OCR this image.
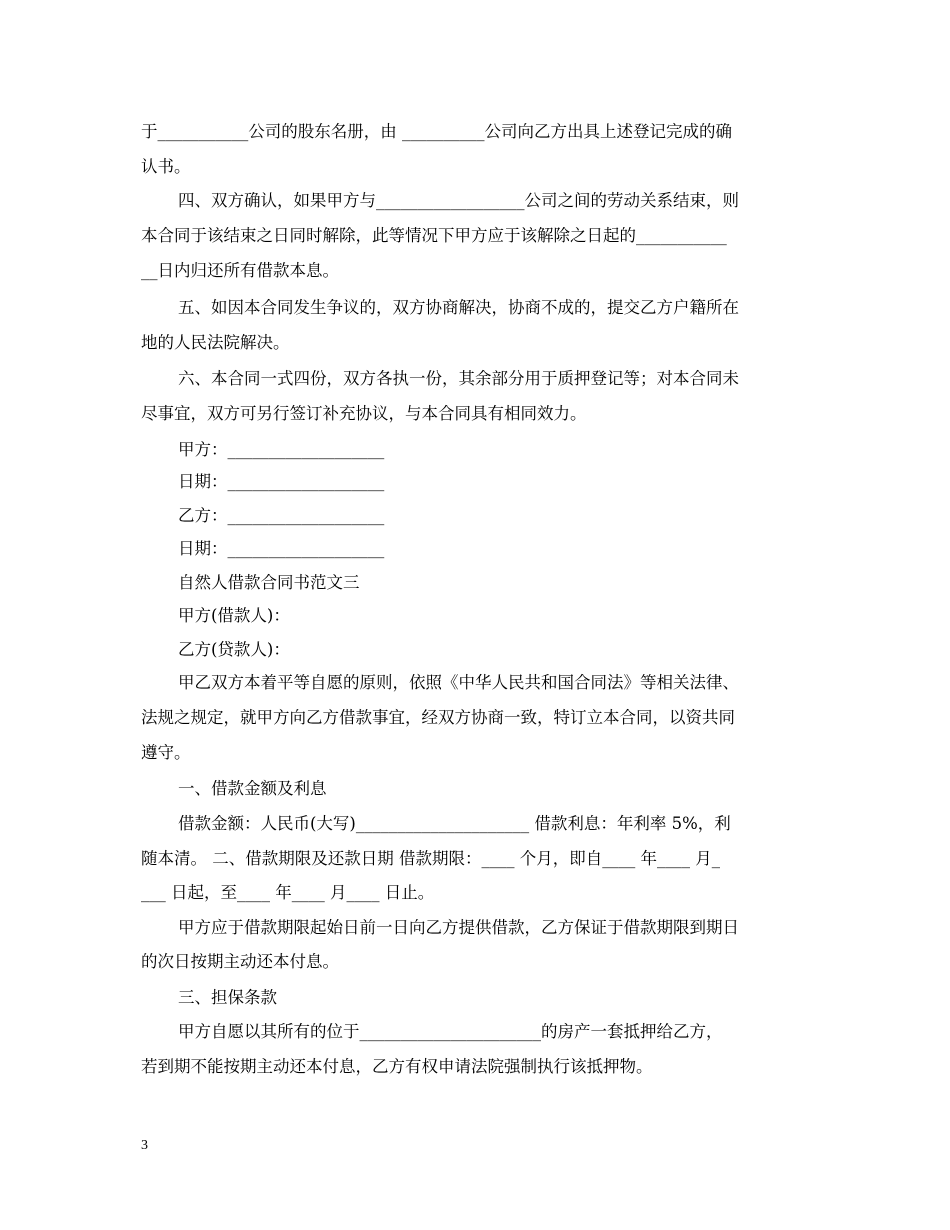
于___________公司的股东名册，由 __________公司向乙方出具上述登记完成的确
认书。
四、双方确认，如果甲方与__________________公司之间的劳动关系结束，则
本合同于该结束之日同时解除，此等情况下甲方应于该解除之日起的___________
__日内归还所有借款本息。
五、如因本合同发生争议的，双方协商解决，协商不成的，提交乙方户籍所在
地的人民法院解决。
六、本合同一式四份，双方各执一份，其余部分用于质押登记等；对本合同未
尽事宜，双方可另行签订补充协议，与本合同具有相同效力。
甲方：___________________
日期：___________________
乙方：___________________
日期：___________________
自然人借款合同书范文三
甲方(借款人)：
乙方(贷款人)：
甲乙双方本着平等自愿的原则，依照《中华人民共和国合同法》等相关法律、
法规之规定，就甲方向乙方借款事宜，经双方协商一致，特订立本合同，以资共同
遵守。
一、借款金额及利息
借款金额：人民币(大写)_____________________ 借款利息：年利率 5%，利
随本清。 二、借款期限及还款日期 借款期限：____ 个月，即自____ 年____ 月_
___ 日起，至____ 年____ 月____ 日止。
甲方应于借款期限起始日前一日向乙方提供借款，乙方保证于借款期限到期日
的次日按期主动还本付息。
三、担保条款
甲方自愿以其所有的位于______________________的房产一套抵押给乙方，
若到期不能按期主动还本付息，乙方有权申请法院强制执行该抵押物。
3
